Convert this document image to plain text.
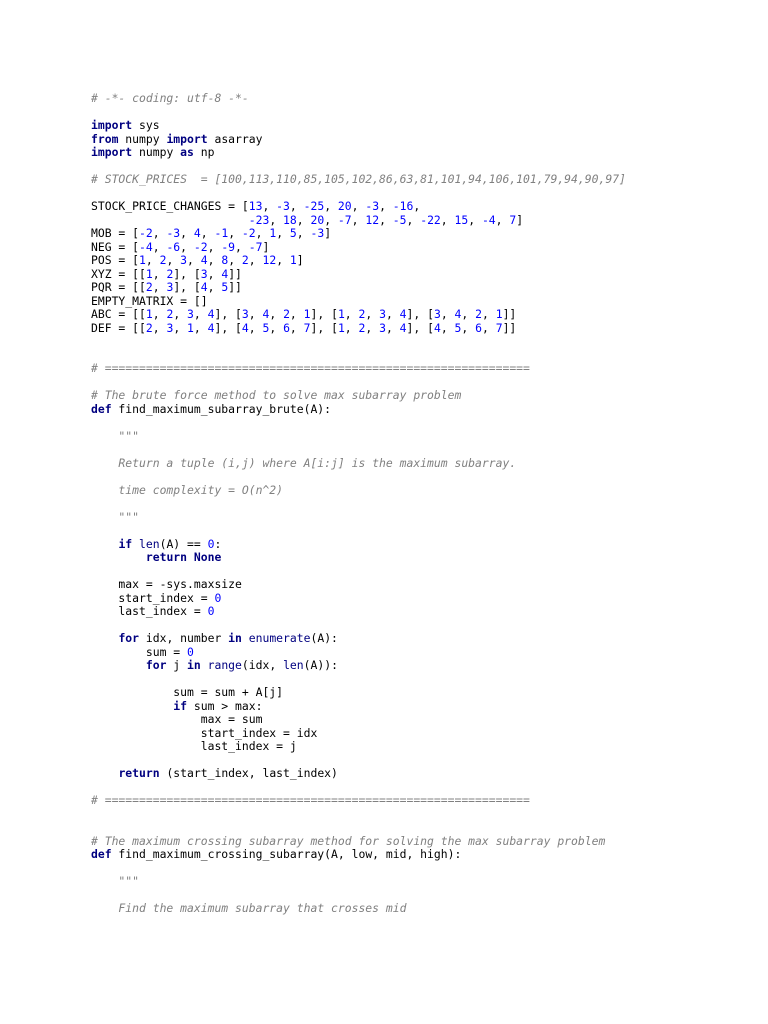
# -*- coding: utf-8 -*-
import sys
from numpy import asarray
import numpy as np
# STOCK_PRICES  = [100,113,110,85,105,102,86,63,81,101,94,106,101,79,94,90,97]
STOCK_PRICE_CHANGES = [13, -3, -25, 20, -3, -16,
-23, 18, 20, -7, 12, -5, -22, 15, -4, 7]
MOB = [-2, -3, 4, -1, -2, 1, 5, -3]
NEG = [-4, -6, -2, -9, -7]
POS = [1, 2, 3, 4, 8, 2, 12, 1]
XYZ = [[1, 2], [3, 4]]
PQR = [[2, 3], [4, 5]]
EMPTY_MATRIX = []
ABC = [[1, 2, 3, 4], [3, 4, 2, 1], [1, 2, 3, 4], [3, 4, 2, 1]]
DEF = [[2, 3, 1, 4], [4, 5, 6, 7], [1, 2, 3, 4], [4, 5, 6, 7]]
# ==============================================================
# The brute force method to solve max subarray problem
def find_maximum_subarray_brute(A):
"""
Return a tuple (i,j) where A[i:j] is the maximum subarray.
time complexity = O(n^2)
"""
if len(A) == 0:
return None
max = -sys.maxsize
start_index = 0
last_index = 0
for idx, number in enumerate(A):
sum = 0
for j in range(idx, len(A)):
sum = sum + A[j]
if sum > max:
max = sum
start_index = idx
last_index = j
return (start_index, last_index)
# ==============================================================
# The maximum crossing subarray method for solving the max subarray problem
def find_maximum_crossing_subarray(A, low, mid, high):
"""
Find the maximum subarray that crosses mid
